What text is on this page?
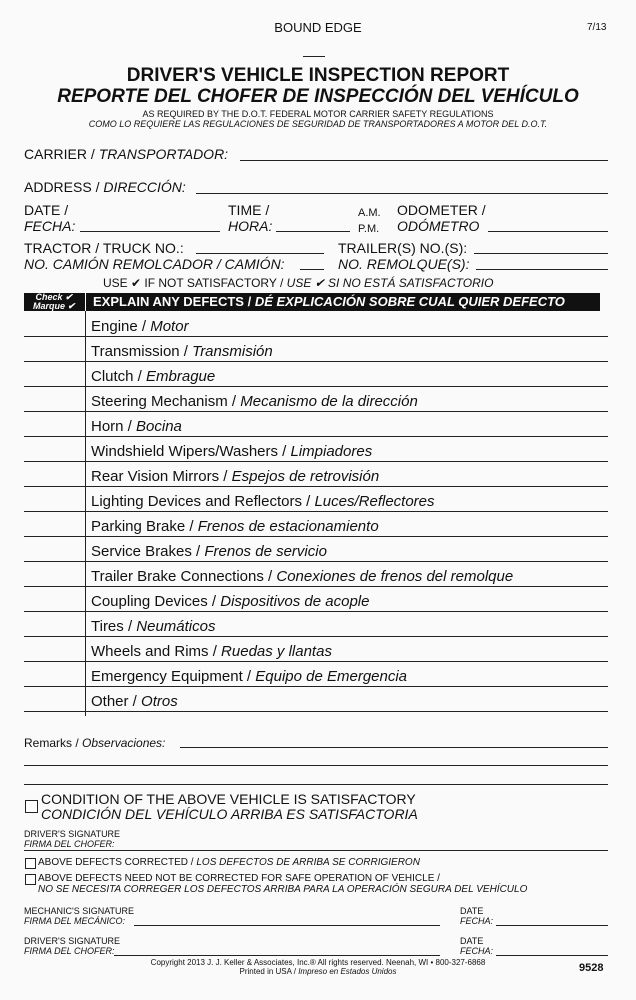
BOUND EDGE	7/13
DRIVER'S VEHICLE INSPECTION REPORT
REPORTE DEL CHOFER DE INSPECCIÓN DEL VEHÍCULO
AS REQUIRED BY THE D.O.T. FEDERAL MOTOR CARRIER SAFETY REGULATIONS
COMO LO REQUIERE LAS REGULACIONES DE SEGURIDAD DE TRANSPORTADORES A MOTOR DEL D.O.T.
CARRIER / TRANSPORTADOR:
ADDRESS / DIRECCIÓN:
DATE /
FECHA:
TIME /
HORA:
A.M.
P.M.
ODOMETER /
ODÓMETRO
TRACTOR / TRUCK NO.:
NO. CAMIÓN REMOLCADOR / CAMIÓN:
TRAILER(S) NO.(S):
NO. REMOLQUE(S):
USE ✔ IF NOT SATISFACTORY / USE ✔ SI NO ESTÁ SATISFACTORIO
Check ✔
Marque ✔	EXPLAIN ANY DEFECTS / DÉ EXPLICACIÓN SOBRE CUAL QUIER DEFECTO
Engine / Motor
Transmission / Transmisión
Clutch / Embrague
Steering Mechanism / Mecanismo de la dirección
Horn / Bocina
Windshield Wipers/Washers / Limpiadores
Rear Vision Mirrors / Espejos de retrovisión
Lighting Devices and Reflectors / Luces/Reflectores
Parking Brake / Frenos de estacionamiento
Service Brakes / Frenos de servicio
Trailer Brake Connections / Conexiones de frenos del remolque
Coupling Devices / Dispositivos de acople
Tires / Neumáticos
Wheels and Rims / Ruedas y llantas
Emergency Equipment / Equipo de Emergencia
Other / Otros
Remarks / Observaciones:
CONDITION OF THE ABOVE VEHICLE IS SATISFACTORY
CONDICIÓN DEL VEHÍCULO ARRIBA ES SATISFACTORIA
DRIVER'S SIGNATURE
FIRMA DEL CHOFER:
ABOVE DEFECTS CORRECTED / LOS DEFECTOS DE ARRIBA SE CORRIGIERON
ABOVE DEFECTS NEED NOT BE CORRECTED FOR SAFE OPERATION OF VEHICLE /
NO SE NECESITA CORREGER LOS DEFECTOS ARRIBA PARA LA OPERACIÓN SEGURA DEL VEHÍCULO
MECHANIC'S SIGNATURE
FIRMA DEL MECÁNICO:
DATE
FECHA:
DRIVER'S SIGNATURE
FIRMA DEL CHOFER:
DATE
FECHA:
Copyright 2013 J. J. Keller & Associates, Inc.® All rights reserved. Neenah, WI • 800-327-6868
Printed in USA / Impreso en Estados Unidos	9528
